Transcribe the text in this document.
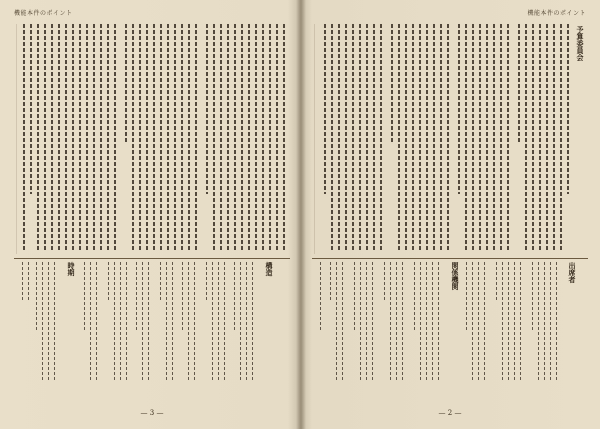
機能本件のポイント
構造
時期
— 3 —
機能本件のポイント
予算委員会
出席者
関係機関
— 2 —
